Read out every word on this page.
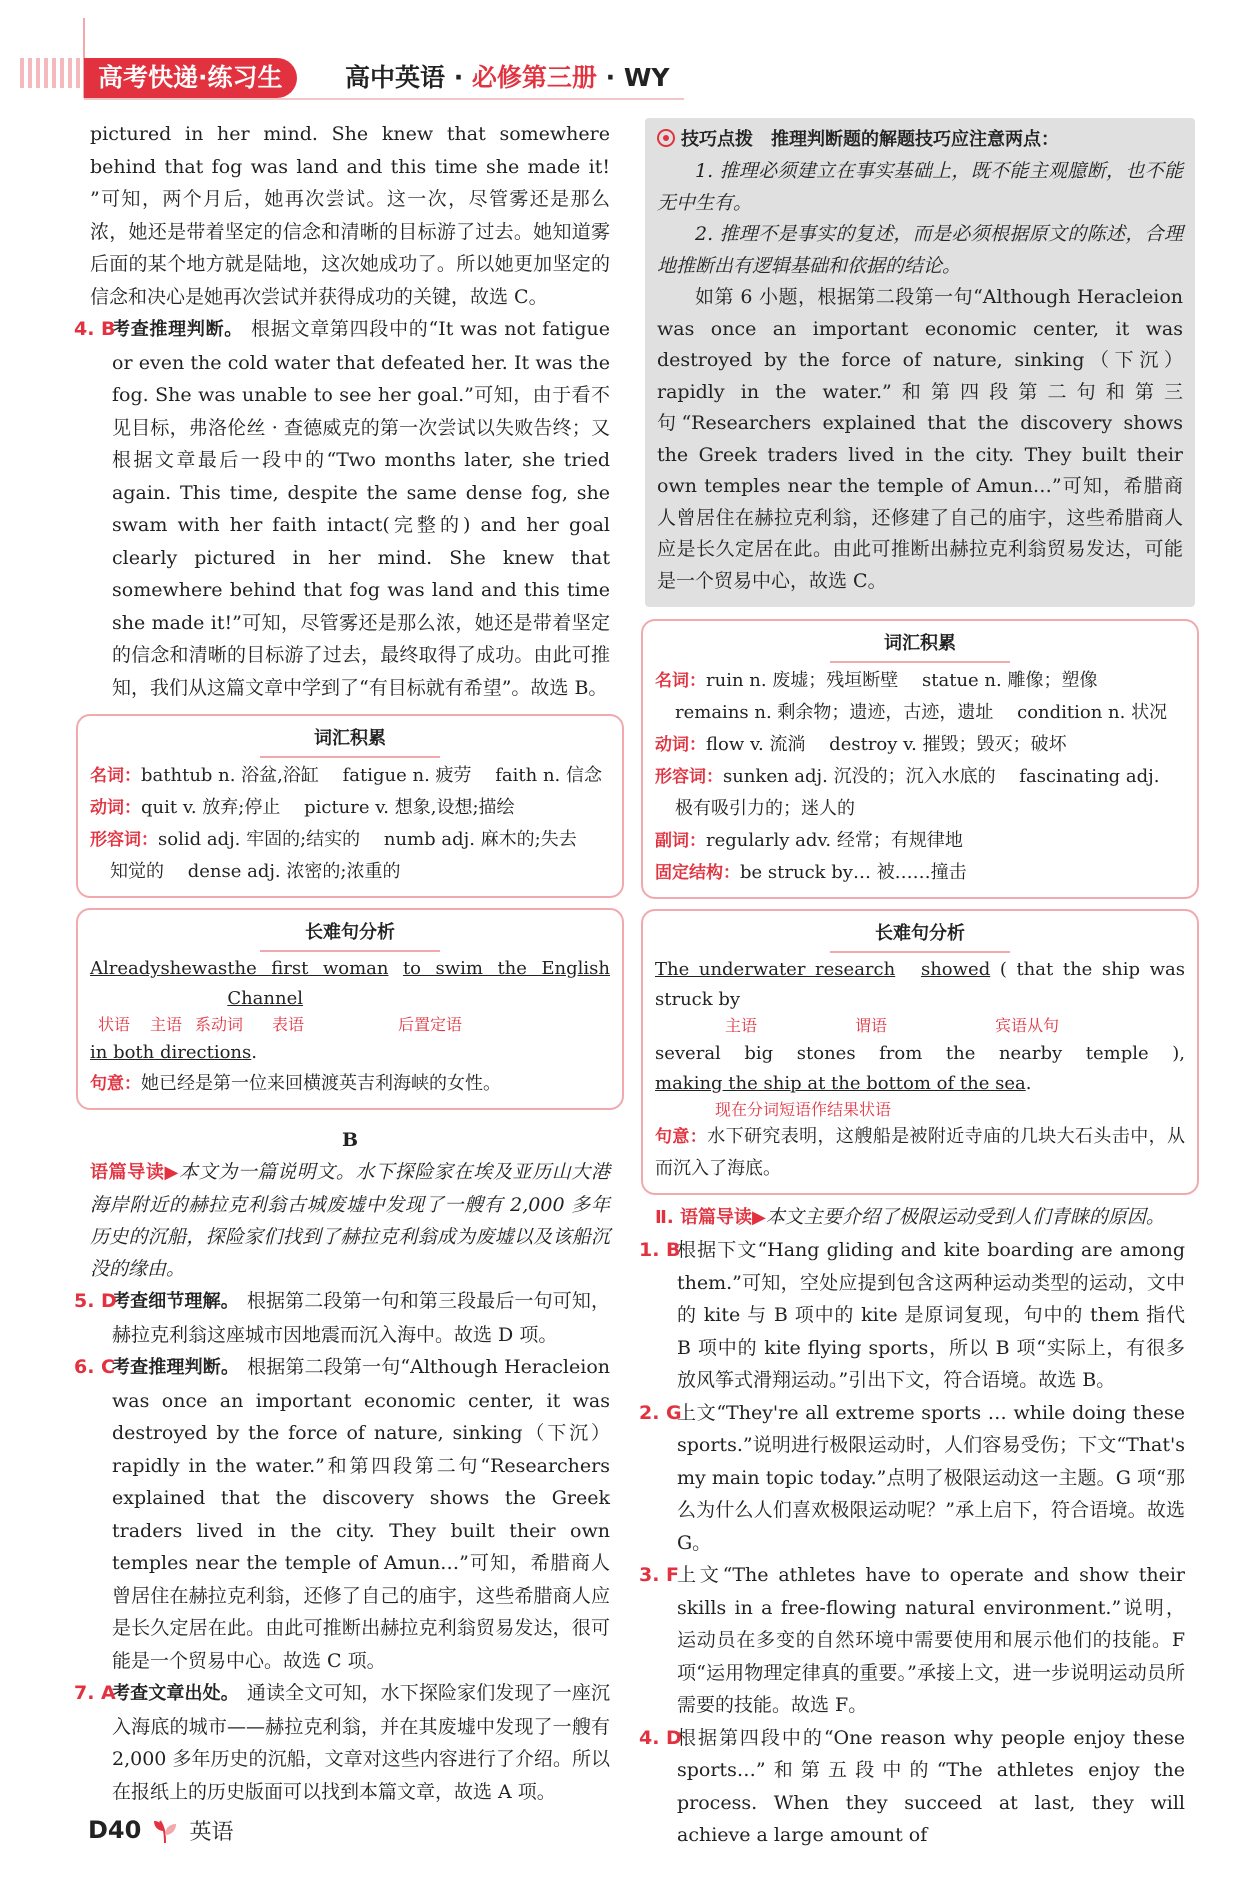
高考快递·练习生	高中英语 · 必修第三册 · WY
pictured in her mind. She knew that somewhere behind that fog was land and this time she made it! ”可知，两个月后，她再次尝试。这一次，尽管雾还是那么浓，她还是带着坚定的信念和清晰的目标游了过去。她知道雾后面的某个地方就是陆地，这次她成功了。所以她更加坚定的信念和决心是她再次尝试并获得成功的关键，故选 C。
4. B
考查推理判断。 根据文章第四段中的“It was not fatigue or even the cold water that defeated her. It was the fog. She was unable to see her goal.”可知，由于看不见目标，弗洛伦丝 · 查德威克的第一次尝试以失败告终；又根据文章最后一段中的“Two months later, she tried again. This time, despite the same dense fog, she swam with her faith intact(完整的) and her goal clearly pictured in her mind. She knew that somewhere behind that fog was land and this time she made it!”可知，尽管雾还是那么浓，她还是带着坚定的信念和清晰的目标游了过去，最终取得了成功。由此可推知，我们从这篇文章中学到了“有目标就有希望”。故选 B。
词汇积累
名词：bathtub n. 浴盆,浴缸　 fatigue n. 疲劳　 faith n. 信念
动词：quit v. 放弃;停止　 picture v. 想象,设想;描绘
形容词：solid adj. 牢固的;结实的　 numb adj. 麻木的;失去
知觉的　 dense adj. 浓密的;浓重的
长难句分析
Already she was the first woman to swim the English Channel
状语 主语 系动词 表语	后置定语
in both directions.
句意：她已经是第一位来回横渡英吉利海峡的女性。
B
语篇导读▶本文为一篇说明文。水下探险家在埃及亚历山大港海岸附近的赫拉克利翁古城废墟中发现了一艘有 2,000 多年历史的沉船，探险家们找到了赫拉克利翁成为废墟以及该船沉没的缘由。
5. D
考查细节理解。 根据第二段第一句和第三段最后一句可知，赫拉克利翁这座城市因地震而沉入海中。故选 D 项。
6. C
考查推理判断。 根据第二段第一句“Although Heracleion was once an important economic center, it was destroyed by the force of nature, sinking（下沉）rapidly in the water.”和第四段第二句“Researchers explained that the discovery shows the Greek traders lived in the city. They built their own temples near the temple of Amun…”可知，希腊商人曾居住在赫拉克利翁，还修了自己的庙宇，这些希腊商人应是长久定居在此。由此可推断出赫拉克利翁贸易发达，很可能是一个贸易中心。故选 C 项。
7. A
考查文章出处。 通读全文可知，水下探险家们发现了一座沉入海底的城市——赫拉克利翁，并在其废墟中发现了一艘有 2,000 多年历史的沉船，文章对这些内容进行了介绍。所以在报纸上的历史版面可以找到本篇文章，故选 A 项。
技巧点拨　 推理判断题的解题技巧应注意两点：
1. 推理必须建立在事实基础上，既不能主观臆断，也不能无中生有。
2. 推理不是事实的复述，而是必须根据原文的陈述，合理地推断出有逻辑基础和依据的结论。
如第 6 小题，根据第二段第一句“Although Heracleion was once an important economic center, it was destroyed by the force of nature, sinking（下沉）rapidly in the water.”和第四段第二句和第三句“Researchers explained that the discovery shows the Greek traders lived in the city. They built their own temples near the temple of Amun…”可知，希腊商人曾居住在赫拉克利翁，还修建了自己的庙宇，这些希腊商人应是长久定居在此。由此可推断出赫拉克利翁贸易发达，可能是一个贸易中心，故选 C。
词汇积累
名词：ruin n. 废墟；残垣断壁　 statue n. 雕像；塑像
remains n. 剩余物；遗迹，古迹，遗址　 condition n. 状况
动词：flow v. 流淌　 destroy v. 摧毁；毁灭；破坏
形容词：sunken adj. 沉没的；沉入水底的　 fascinating adj.
极有吸引力的；迷人的
副词：regularly adv. 经常；有规律地
固定结构：be struck by… 被……撞击
长难句分析
The underwater research　 showed ( that the ship was struck by
主语	谓语	宾语从句
several big stones from the nearby temple ),
making the ship at the bottom of the sea.
现在分词短语作结果状语
句意：水下研究表明，这艘船是被附近寺庙的几块大石头击中，从而沉入了海底。
Ⅱ. 语篇导读▶本文主要介绍了极限运动受到人们青睐的原因。
1. B
根据下文“Hang gliding and kite boarding are among them.”可知，空处应提到包含这两种运动类型的运动，文中的 kite 与 B 项中的 kite 是原词复现，句中的 them 指代 B 项中的 kite flying sports，所以 B 项“实际上，有很多放风筝式滑翔运动。”引出下文，符合语境。故选 B。
2. G
上文“They're all extreme sports … while doing these sports.”说明进行极限运动时，人们容易受伤；下文“That's my main topic today.”点明了极限运动这一主题。G 项“那么为什么人们喜欢极限运动呢？”承上启下，符合语境。故选 G。
3. F
上文“The athletes have to operate and show their skills in a free-flowing natural environment.”说明，运动员在多变的自然环境中需要使用和展示他们的技能。F 项“运用物理定律真的重要。”承接上文，进一步说明运动员所需要的技能。故选 F。
4. D
根据第四段中的“One reason why people enjoy these sports…”和第五段中的“The athletes enjoy the process. When they succeed at last, they will achieve a large amount of
D40 英语
